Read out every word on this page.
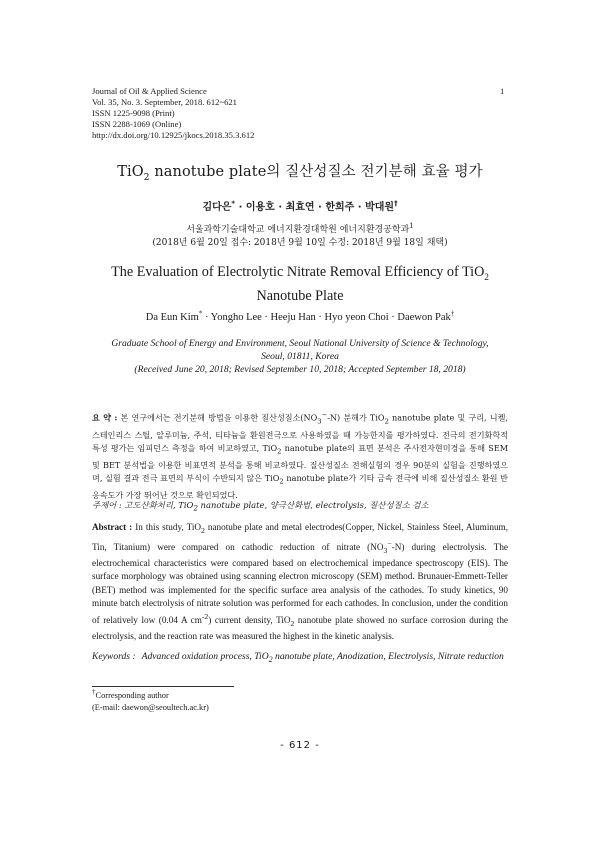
Journal of Oil & Applied Science
Vol. 35, No. 3. September, 2018. 612~621
ISSN 1225-9098 (Print)
ISSN 2288-1069 (Online)
http://dx.doi.org/10.12925/jkocs.2018.35.3.612
1
TiO$_2$ nanotube plate의 질산성질소 전기분해 효율 평가
김다은* · 이용호 · 최효연 · 한희주 · 박대원†
서울과학기술대학교 에너지환경대학원 에너지환경공학과$^1$
(2018년 6월 20일 접수: 2018년 9월 10일 수정: 2018년 9월 18일 채택)
The Evaluation of Electrolytic Nitrate Removal Efficiency of TiO$_2$
Nanotube Plate
Da Eun Kim* · Yongho Lee · Heeju Han · Hyo yeon Choi · Daewon Pak†
Graduate School of Energy and Environment, Seoul National University of Science & Technology,
Seoul, 01811, Korea
(Received June 20, 2018; Revised September 10, 2018; Accepted September 18, 2018)
요 약 : 본 연구에서는 전기분해 방법을 이용한 질산성질소$(NO_3^--N)$ 분해가 TiO$_2$ nanotube plate 및 구리, 니켈, 스테인리스 스틸, 알루미늄, 주석, 티타늄을 환원전극으로 사용하였을 때 가능한지를 평가하였다. 전극의 전기화학적 특성 평가는 임피던스 측정을 하여 비교하였고, TiO$_2$ nanotube plate의 표면 분석은 주사전자현미경을 통해 SEM 및 BET 분석법을 이용한 비표면적 분석을 통해 비교하였다. 질산성질소 전해실험의 경우 90분의 실험을 진행하였으며, 실험 결과 전극 표면의 부식이 수반되지 않은 TiO$_2$ nanotube plate가 기타 금속 전극에 비해 질산성질소 환원 반응속도가 가장 뛰어난 것으로 확인되었다.
주제어 : 고도산화처리, TiO$_2$ nanotube plate, 양극산화법, electrolysis, 질산성질소 검소
Abstract : In this study, TiO$_2$ nanotube plate and metal electrodes(Copper, Nickel, Stainless Steel, Aluminum, Tin, Titanium) were compared on cathodic reduction of nitrate $(NO_3^--N)$ during electrolysis. The electrochemical characteristics were compared based on electrochemical impedance spectroscopy (EIS). The surface morphology was obtained using scanning electron microscopy (SEM) method. Brunauer-Emmett-Teller (BET) method was implemented for the specific surface area analysis of the cathodes. To study kinetics, 90 minute batch electrolysis of nitrate solution was performed for each cathodes. In conclusion, under the condition of relatively low (0.04 A $cm^{-2}$) current density, TiO$_2$ nanotube plate showed no surface corrosion during the electrolysis, and the reaction rate was measured the highest in the kinetic analysis.
Keywords : Advanced oxidation process, TiO$_2$ nanotube plate, Anodization, Electrolysis, Nitrate reduction
†Corresponding author
(E-mail: daewon@seoultech.ac.kr)
- 612 -
